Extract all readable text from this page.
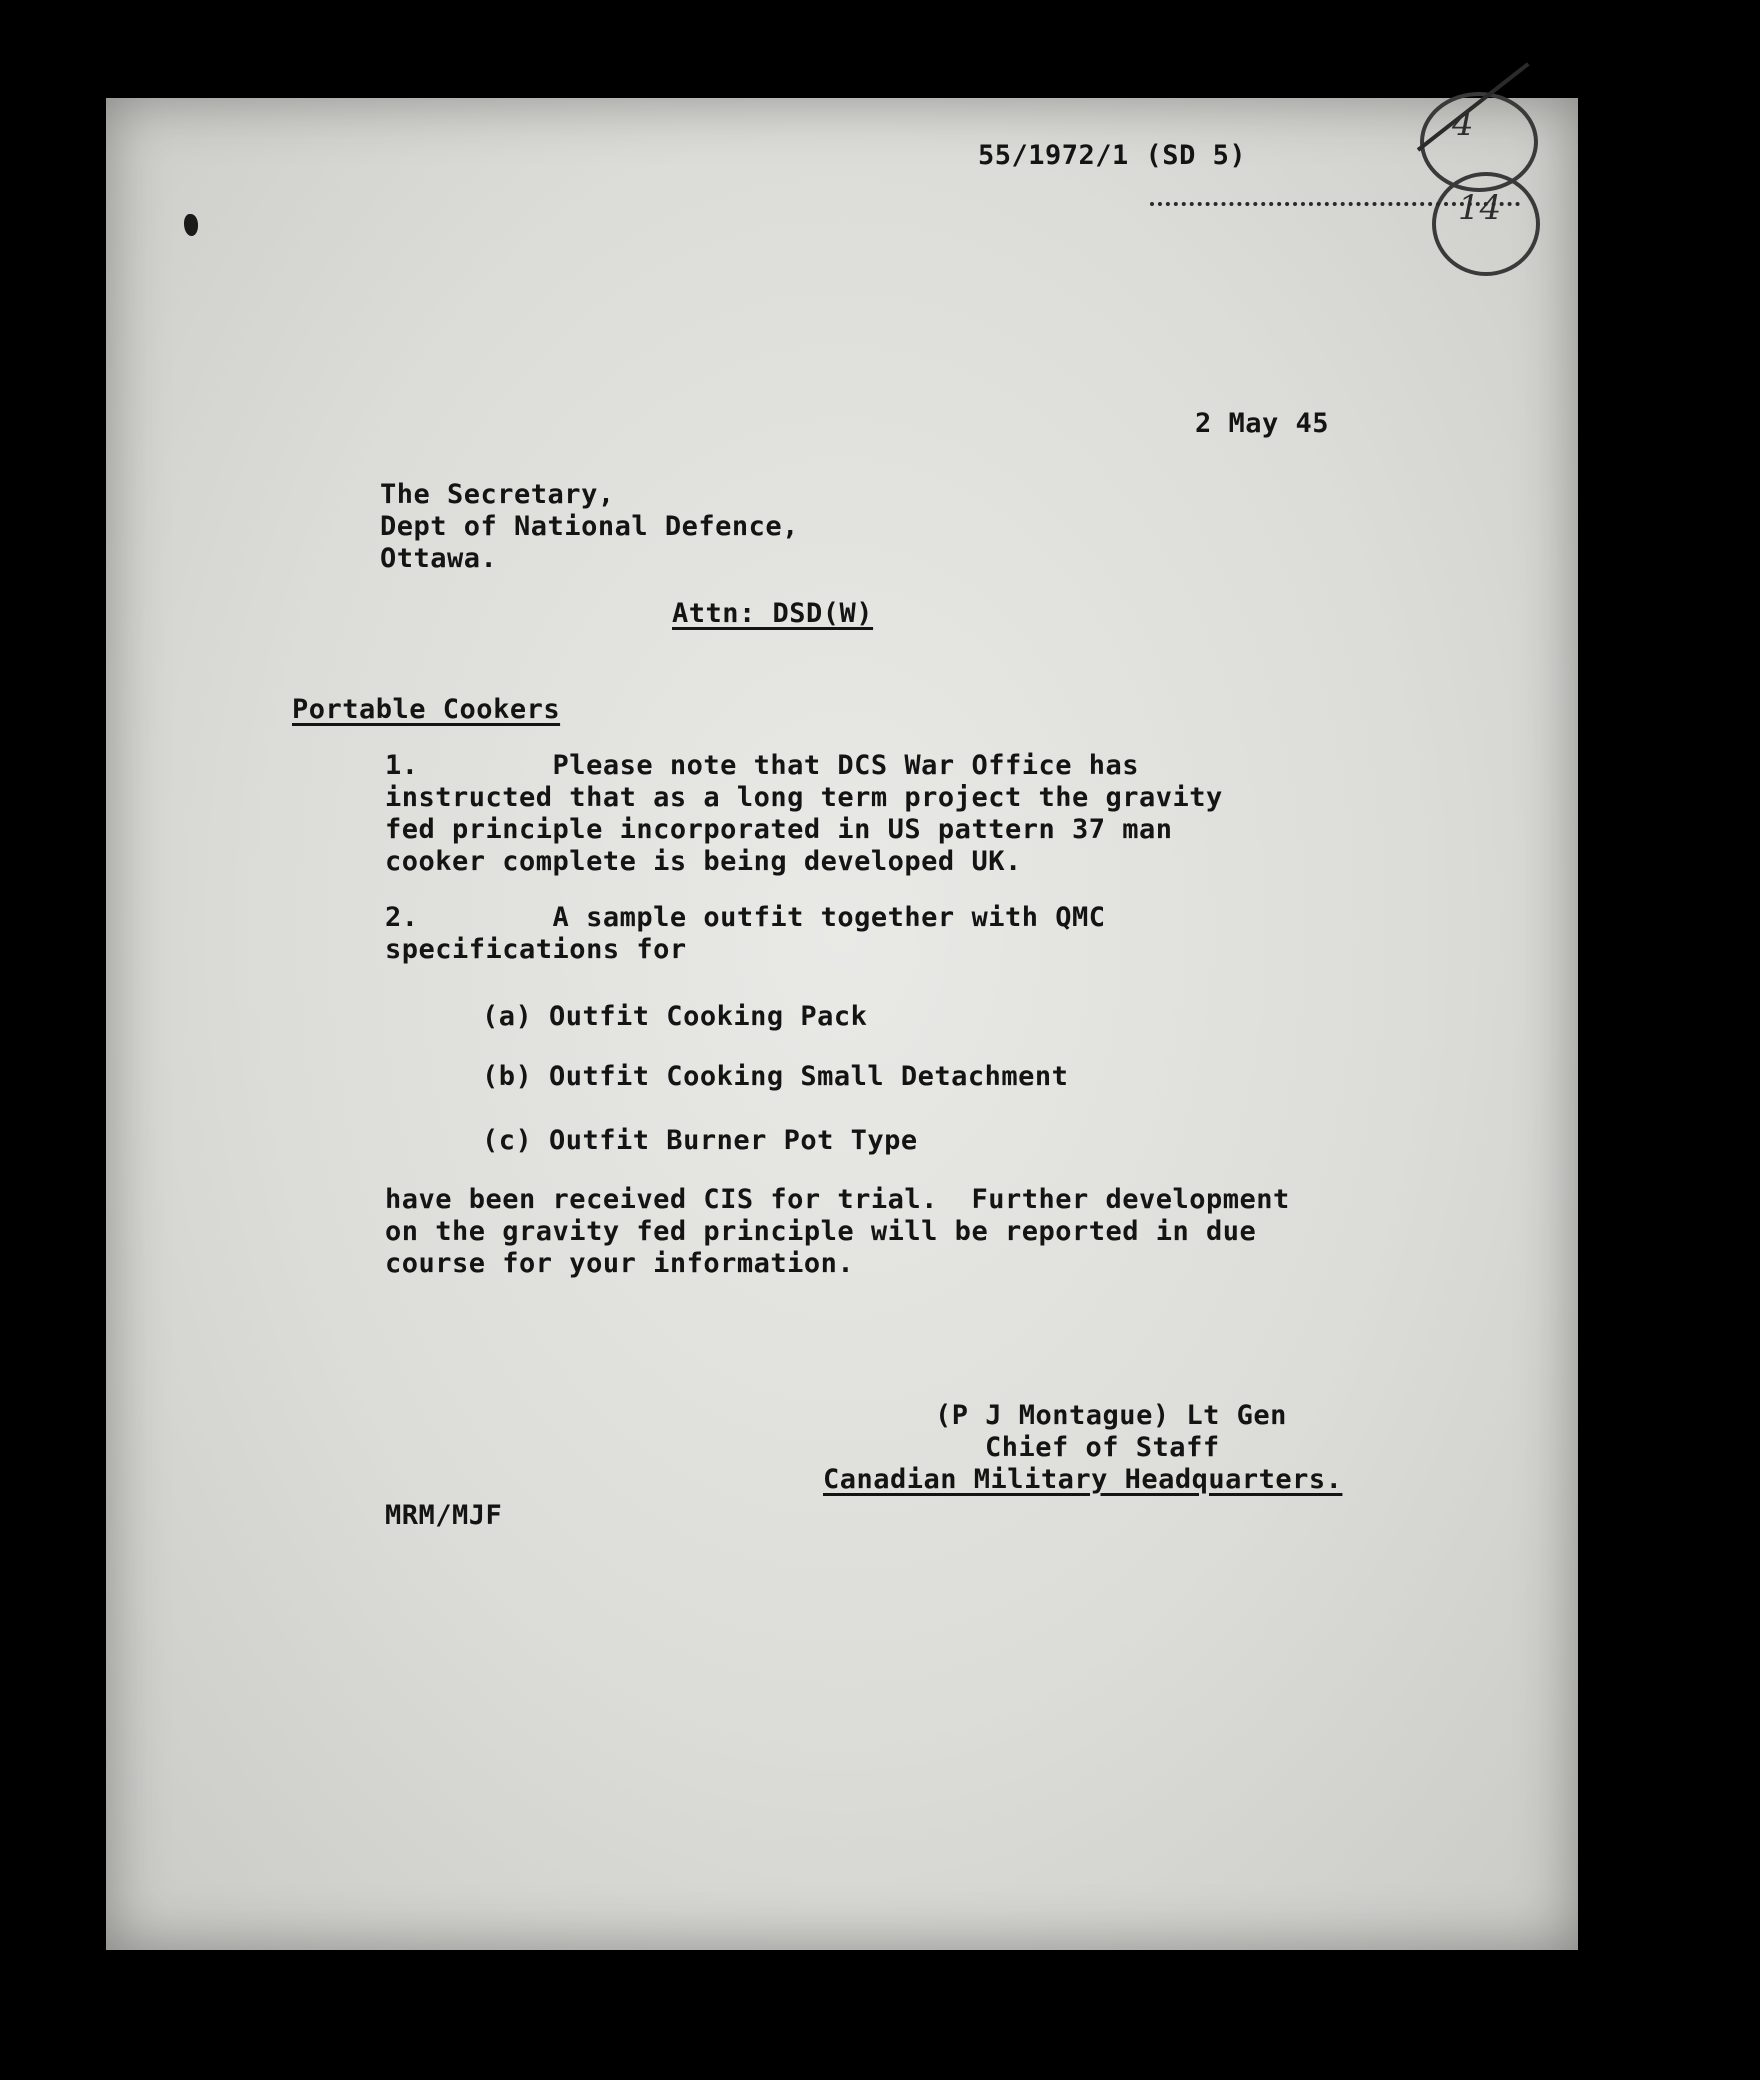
4
14
55/1972/1 (SD 5)
2 May 45
The Secretary,
Dept of National Defence,
Ottawa.
Attn: DSD(W)
Portable Cookers
1.        Please note that DCS War Office has
instructed that as a long term project the gravity
fed principle incorporated in US pattern 37 man
cooker complete is being developed UK.
2.        A sample outfit together with QMC
specifications for
(a) Outfit Cooking Pack
(b) Outfit Cooking Small Detachment
(c) Outfit Burner Pot Type
have been received CIS for trial.  Further development
on the gravity fed principle will be reported in due
course for your information.
(P J Montague) Lt Gen
Chief of Staff
Canadian Military Headquarters.
MRM/MJF
